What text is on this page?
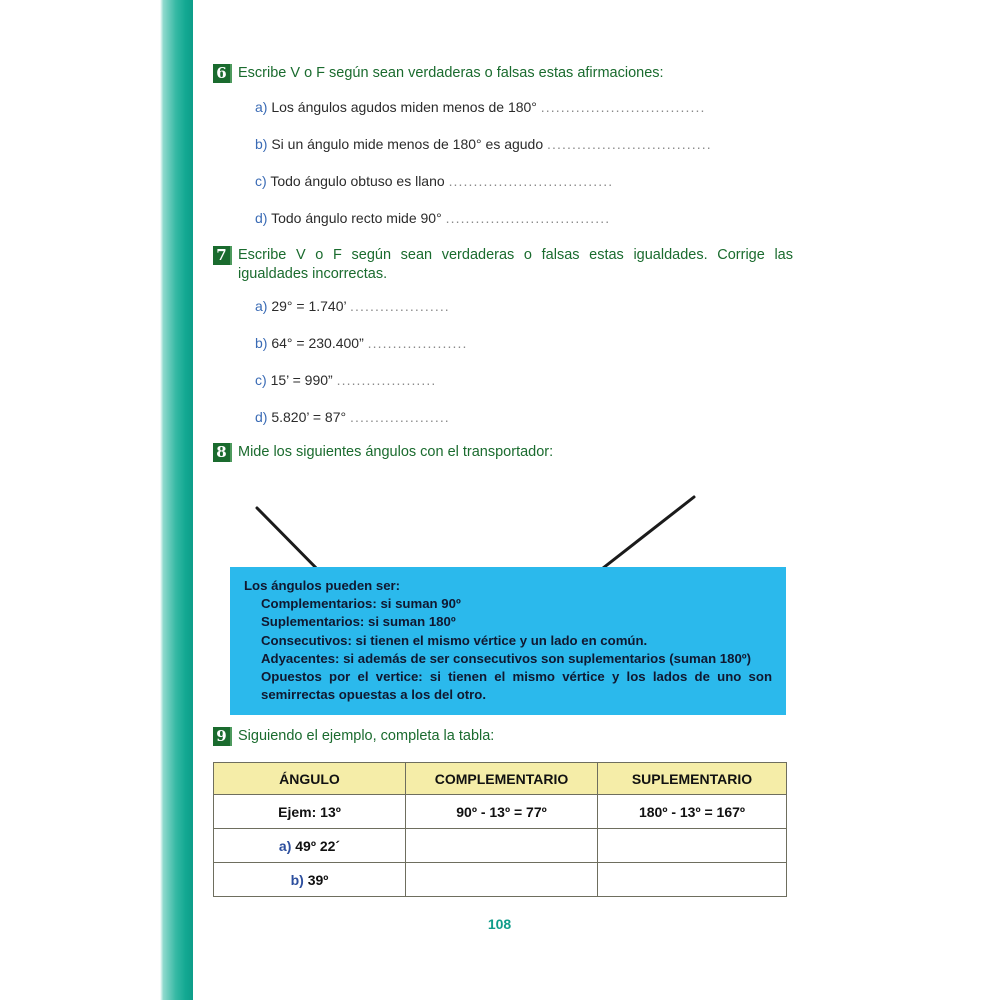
Adaptamos las matemáticas
6 Escribe V o F según sean verdaderas o falsas estas afirmaciones:
a) Los ángulos agudos miden menos de 180° .................................
b) Si un ángulo mide menos de 180° es agudo .................................
c) Todo ángulo obtuso es llano .................................
d) Todo ángulo recto mide 90° .................................
7 Escribe V o F según sean verdaderas o falsas estas igualdades. Corrige las igualdades incorrectas.
a) 29° = 1.740’ ....................
b) 64° = 230.400” ....................
c) 15’ = 990” ....................
d) 5.820’ = 87° ....................
8 Mide los siguientes ángulos con el transportador:
Los ángulos pueden ser:
Complementarios: si suman 90º
Suplementarios: si suman 180º
Consecutivos: si tienen el mismo vértice y un lado en común.
Adyacentes: si además de ser consecutivos son suplementarios (suman 180º)
Opuestos por el vertice: si tienen el mismo vértice y los lados de uno son semirrectas opuestas a los del otro.
9 Siguiendo el ejemplo, completa la tabla:
ÁNGULO	COMPLEMENTARIO	SUPLEMENTARIO
Ejem: 13º	90º - 13º = 77º	180º - 13º = 167º
a) 49º 22´		
b) 39º		
108
